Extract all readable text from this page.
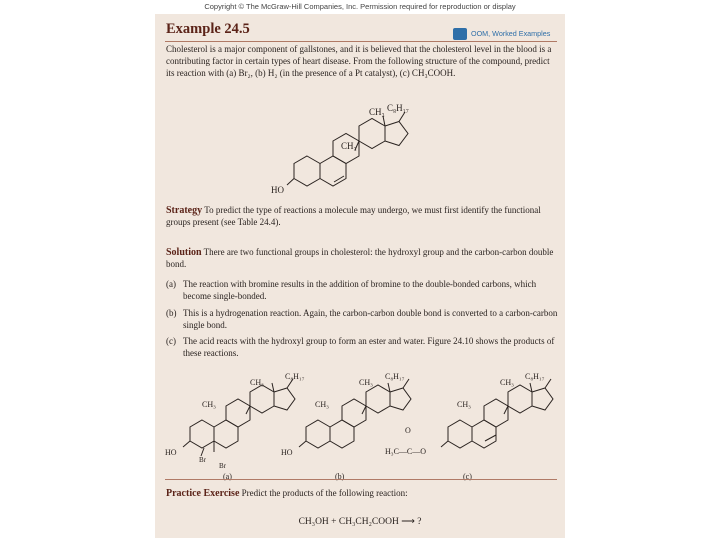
Copyright © The McGraw-Hill Companies, Inc. Permission required for reproduction or display
Example 24.5	OOM, Worked Examples

Cholesterol is a major component of gallstones, and it is believed that the cholesterol level in the blood is a contributing factor in certain types of heart disease. From the following structure of the compound, predict its reaction with (a) Br₂, (b) H₂ (in the presence of a Pt catalyst), (c) CH₃COOH.

C₈H₁₇
CH₃
CH₃
HO
Strategy To predict the type of reactions a molecule may undergo, we must first identify the functional groups present (see Table 24.4).
Solution There are two functional groups in cholesterol: the hydroxyl group and the carbon-carbon double bond.
(a) The reaction with bromine results in the addition of bromine to the double-bonded carbons, which become single-bonded.
(b) This is a hydrogenation reaction. Again, the carbon-carbon double bond is converted to a carbon-carbon single bond.
(c) The acid reacts with the hydroxyl group to form an ester and water. Figure 24.10 shows the products of these reactions.
C₈H₁₇
CH₃
CH₃
HO
Br
Br
(a)
C₈H₁₇
CH₃
CH₃
HO
(b)
C₈H₁₇
CH₃
CH₃
O
H₃C—C—O
(c)
Practice Exercise Predict the products of the following reaction:
CH₃OH + CH₃CH₂COOH ⟶ ?
